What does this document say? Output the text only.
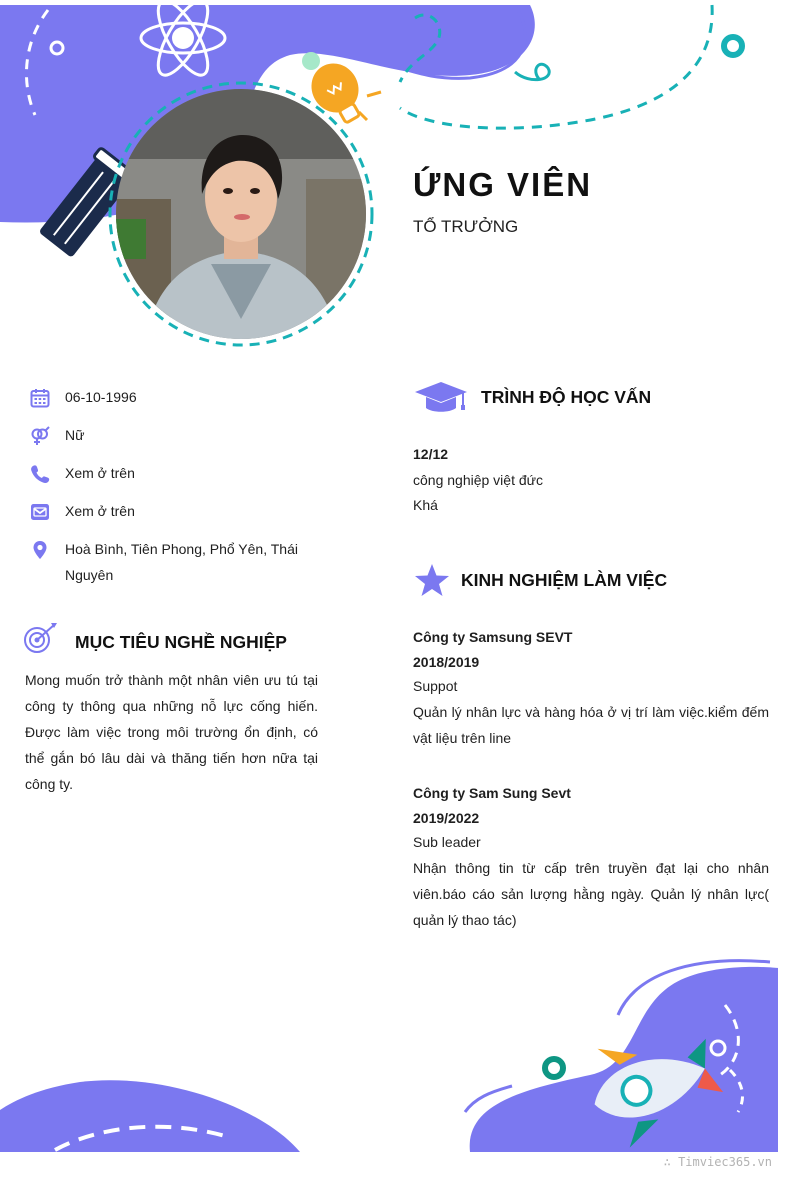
ỨNG VIÊN
TỔ TRƯỞNG
06-10-1996
Nữ
Xem ở trên
Xem ở trên
Hoà Bình, Tiên Phong, Phổ Yên, Thái Nguyên
MỤC TIÊU NGHỀ NGHIỆP
Mong muốn trở thành một nhân viên ưu tú tại công ty thông qua những nỗ lực cống hiến. Được làm việc trong môi trường ổn định, có thể gắn bó lâu dài và thăng tiến hơn nữa tại công ty.
TRÌNH ĐỘ HỌC VẤN
12/12
công nghiệp việt đức
Khá
KINH NGHIỆM LÀM VIỆC
Công ty Samsung SEVT
2018/2019
Suppot
Quản lý nhân lực và hàng hóa ở vị trí làm việc.kiểm đếm vật liệu trên line
Công ty Sam Sung Sevt
2019/2022
Sub leader
Nhận thông tin từ cấp trên truyền đạt lại cho nhân viên.báo cáo sản lượng hằng ngày. Quản lý nhân lực( quản lý thao tác)
∴ Timviec365.vn
